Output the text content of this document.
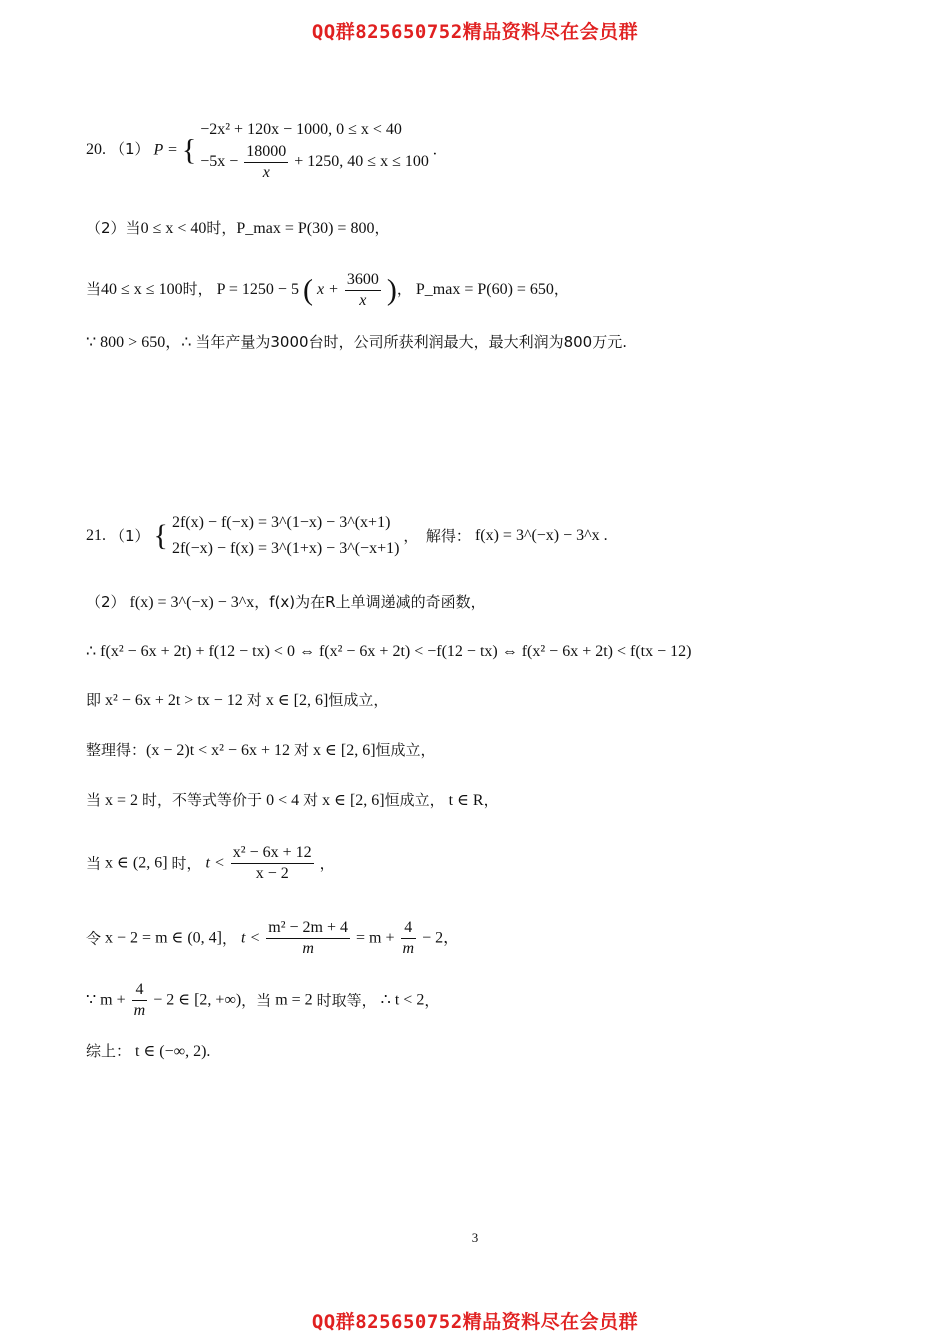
QQ群825650752精品资料尽在会员群
20. （1） P = {
−2x² + 120x − 1000, 0 ≤ x < 40
$-5x - \frac{18000}{x} + 1250$, 40 ≤ x ≤ 100
.
（2）当0 ≤ x < 40时，P_max = P(30) = 800，
当40 ≤ x ≤ 100时， P = 1250 − 5 ( $x + \frac{3600}{x}$ )， P_max = P(60) = 650，
∵ 800 > 650，∴ 当年产量为3000台时，公司所获利润最大，最大利润为800万元.
21. （1） { 2f(x) − f(−x) = 3^(1−x) − 3^(x+1)
2f(−x) − f(x) = 3^(1+x) − 3^(−x+1)
，　解得： f(x) = 3^(−x) − 3^x .
（2） f(x) = 3^(−x) − 3^x，f(x)为在R上单调递减的奇函数，
∴ f(x² − 6x + 2t) + f(12 − tx) < 0 ⇔ f(x² − 6x + 2t) < −f(12 − tx) ⇔ f(x² − 6x + 2t) < f(tx − 12)
即 x² − 6x + 2t > tx − 12 对 x ∈ [2, 6]恒成立，
整理得：(x − 2)t < x² − 6x + 12 对 x ∈ [2, 6]恒成立，
当 x = 2 时，不等式等价于 0 < 4 对 x ∈ [2, 6]恒成立， t ∈ R，
当 x ∈ (2, 6] 时， $t < \frac{\text{x² − 6x + 12}}{x - 2}$ ，
令 x − 2 = m ∈ (0, 4]， $t < \frac{\text{m² − 2m + 4}}{m} = m + \frac{4}{m} - 2$，
∵ $m + \frac{4}{m} - 2$ ∈ [2, +∞)，当 m = 2 时取等， ∴ t < 2，
综上： t ∈ (−∞, 2).
3
QQ群825650752精品资料尽在会员群
